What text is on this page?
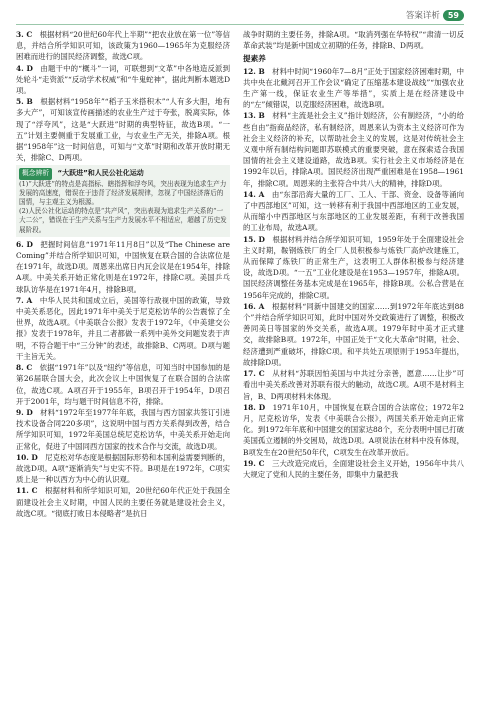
答案详析	59
3. C  根据材料“20世纪60年代上半期”“把农业放在第一位”等信息，并结合所学知识可知，该政策为1960—1965年为克服经济困难而进行的国民经济调整，故选C项。
4. D  由题干中的“概斗”一词，可联想到“文革”中各地造反派到处轮斗“走资派”“反动学术权威”和“牛鬼蛇神”，据此判断本题选D项。
5. B  根据材料“1958年”“稻子玉米搭积木”“人有多大胆，地有多大产”，可知该宣传画描述的农业生产过于夸张，脱离实际，体现了“浮夸风”，这是“大跃进”时期的典型特征，故选B项。“一五”计划主要侧重于发展重工业，与农业生产无关，排除A项。根据“1958年”这一时间信息，可知与“文革”时期和改革开放时期无关，排除C、D两项。
概念辨析 “大跃进”和人民公社化运动
(1)“大跃进”的特点是高指标、瞎指挥和浮夸风，突出表现为追求生产力发展的高速度，错误在于违背了经济发展规律，忽视了中国经济落后的国情，与主观主义为根源。
(2)人民公社化运动的特点是“共产风”，突出表现为追求生产关系的“一大二公”，错误在于生产关系与生产力发展水平不相适应，超越了历史发展阶段。
6. D  把握时间信息“1971年11月8日”以及“The Chinese are Coming”并结合所学知识可知，中国恢复在联合国的合法席位是在1971年，故选D项。周恩来出席日内瓦会议是在1954年，排除A项。中美关系开始正常化则是在1972年，排除C项。美国乒乓球队访华是在1971年4月，排除B项。
7. A  中华人民共和国成立后，美国等行敌视中国的政策，导致中美关系恶化，因此1971年中美关于尼克松访华的公告震惊了全世界，故选A项。《中美联合公报》发表于1972年，《中美建交公报》发表于1978年，并且二者都做一系列中美外交问题发表于声明，不符合题干中“三分钟”的表述，故排除B、C两项。D项与题干主旨无关。
8. C  依据“1971年”以及“纽约”等信息，可知当时中国参加的是第26届联合国大会，此次会议上中国恢复了在联合国的合法席位，故选C项。A项召开于1955年，B项召开于1954年，D项召开于2001年，均与题干时间信息不符，排除。
9. D  材料“1972年至1977年年底，我国与西方国家共签订引进技术设备合同220多项”，这说明中国与西方关系得到改善，结合所学知识可知，1972年美国总统尼克松访华，中美关系开始走向正常化，促进了中国同西方国家的技术合作与交流，故选D项。
10. D  尼克松对华态度是根据国际形势和本国利益需要判断的，故选D项。A项“逐渐消失”与史实不符。B项是在1972年，C项实质上是一种以西方为中心的认识观。
11. C  根据材料和所学知识可知，20世纪60年代正处于我国全面建设社会主义时期，中国人民的主要任务就是建设社会主义，故选C项。“彻底打败日本侵略者”是抗日
战争时期的主要任务，排除A项。“取消列强在华特权”“肃清一切反革命武装”均是新中国成立初期的任务，排除B、D两项。
提素养
12. B  材料中时间“1960年7—8月”正处于国家经济困难时期，中共中央在北戴河召开工作会议“确定了压缩基本建设战线”“加强农业生产第一线，保证农业生产等举措”，实质上是在经济建设中的“左”倾错误，以克服经济困难，故选B项。
13. B  材料“主流是社会主义”指计划经济，公有制经济，“小的给些自由”指商品经济，私有制经济，周恩来认为资本主义经济可作为社会主义经济的补充，以帮助社会主义的发展，这是对传统社会主义观中所有制结构问题即苏联模式的重要突破，意在探索适合我国国情的社会主义建设道路，故选B项。实行社会主义市场经济是在1992年以后，排除A项。国民经济出现严重困难是在1958—1961年，排除C项。周恩来的主张符合中共八大的精神，排除D项。
14. A  由“东部沿海大量的工厂、工人、干部、资金、设备等涌向了中西部地区”可知，这一转移有利于我国中西部地区的工业发展，从而缩小中西部地区与东部地区的工业发展差距，有利于改善我国的工业布局，故选A项。
15. D  根据材料并结合所学知识可知，1959年处于全面建设社会主义时期，鞍钢炼铁厂的全厂人员积极参与炼铁厂高炉改建施工，从而保障了炼铁厂的正常生产，这表明工人群体积极参与经济建设，故选D项。“一五”工业化建设是在1953—1957年，排除A项。国民经济调整任务基本完成是在1965年，排除B项。公私合营是在1956年完成的，排除C项。
16. A  根据材料“同新中国建交的国家……到1972年年底达到88个”并结合所学知识可知，此时中国对外交政策进行了调整，积极改善同美日等国家的外交关系，故选A项。1979年时中美才正式建交，故排除B项。1972年，中国正处于“文化大革命”时期，社会、经济遭到严重破坏，排除C项。和平共处五项原则于1953年提出，故排除D项。
17. C  从材料“苏联因怕美国与中共过分亲善，愿意……让步”可看出中美关系改善对苏联有很大的触动，故选C项。A项不是材料主旨，B、D两项材料未体现。
18. D  1971年10月，中国恢复在联合国的合法席位；1972年2月，尼克松访华，发表《中美联合公报》，两国关系开始走向正常化。到1972年年底和中国建交的国家达88个，充分表明中国已打破美国孤立遏制的外交困局，故选D项。A项说法在材料中没有体现，B项发生在20世纪50年代，C项发生在改革开放后。
19. C  三大改造完成后，全面建设社会主义开始，1956年中共八大规定了党和人民的主要任务，即集中力量把我
